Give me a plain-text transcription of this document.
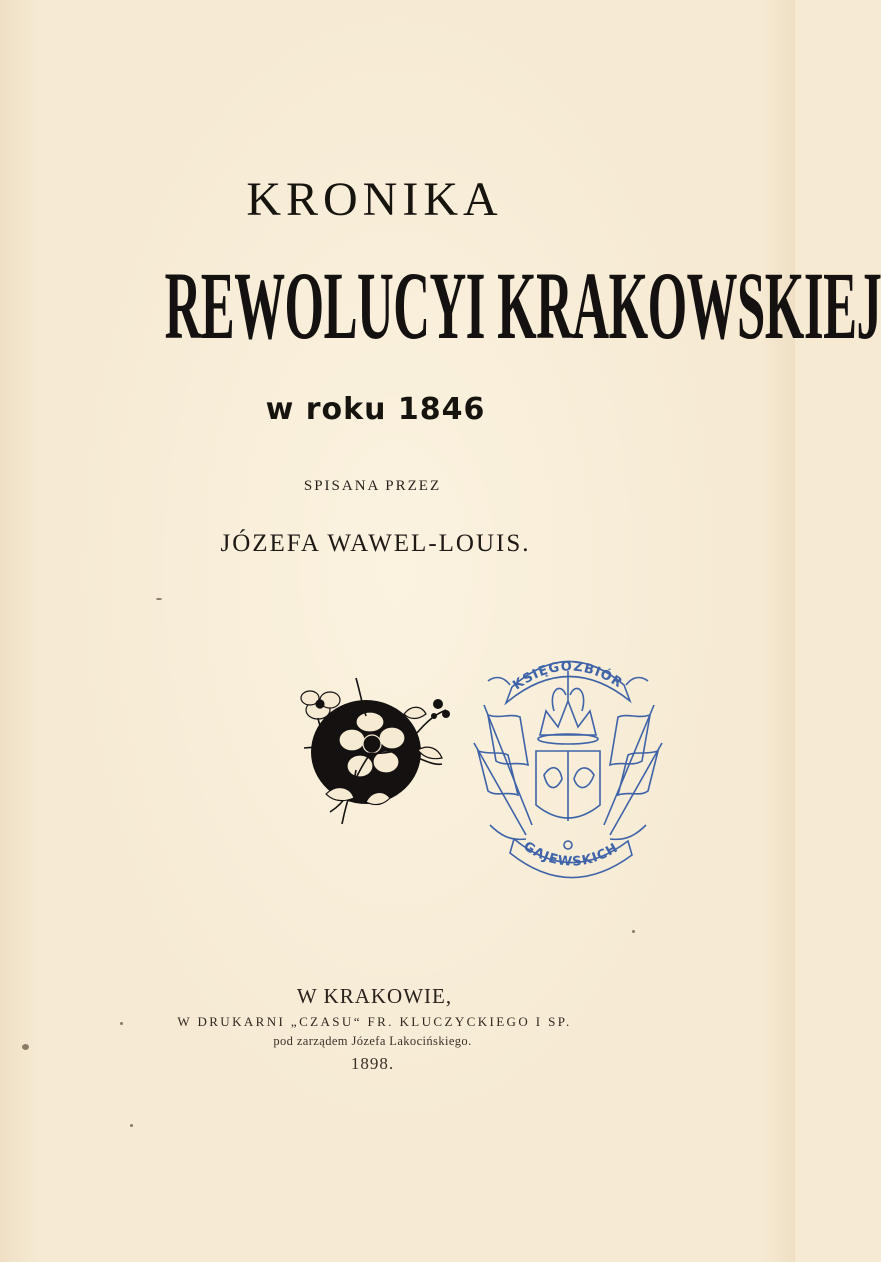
KRONIKA
REWOLUCYI KRAKOWSKIEJ
w roku 1846
SPISANA PRZEZ
JÓZEFA WAWEL-LOUIS.
KSIĘGOZBIÓR
GAJEWSKICH
W KRAKOWIE,
W DRUKARNI „CZASU“ FR. KLUCZYCKIEGO I SP.
pod zarządem Józefa Lakocińskiego.
1898.
